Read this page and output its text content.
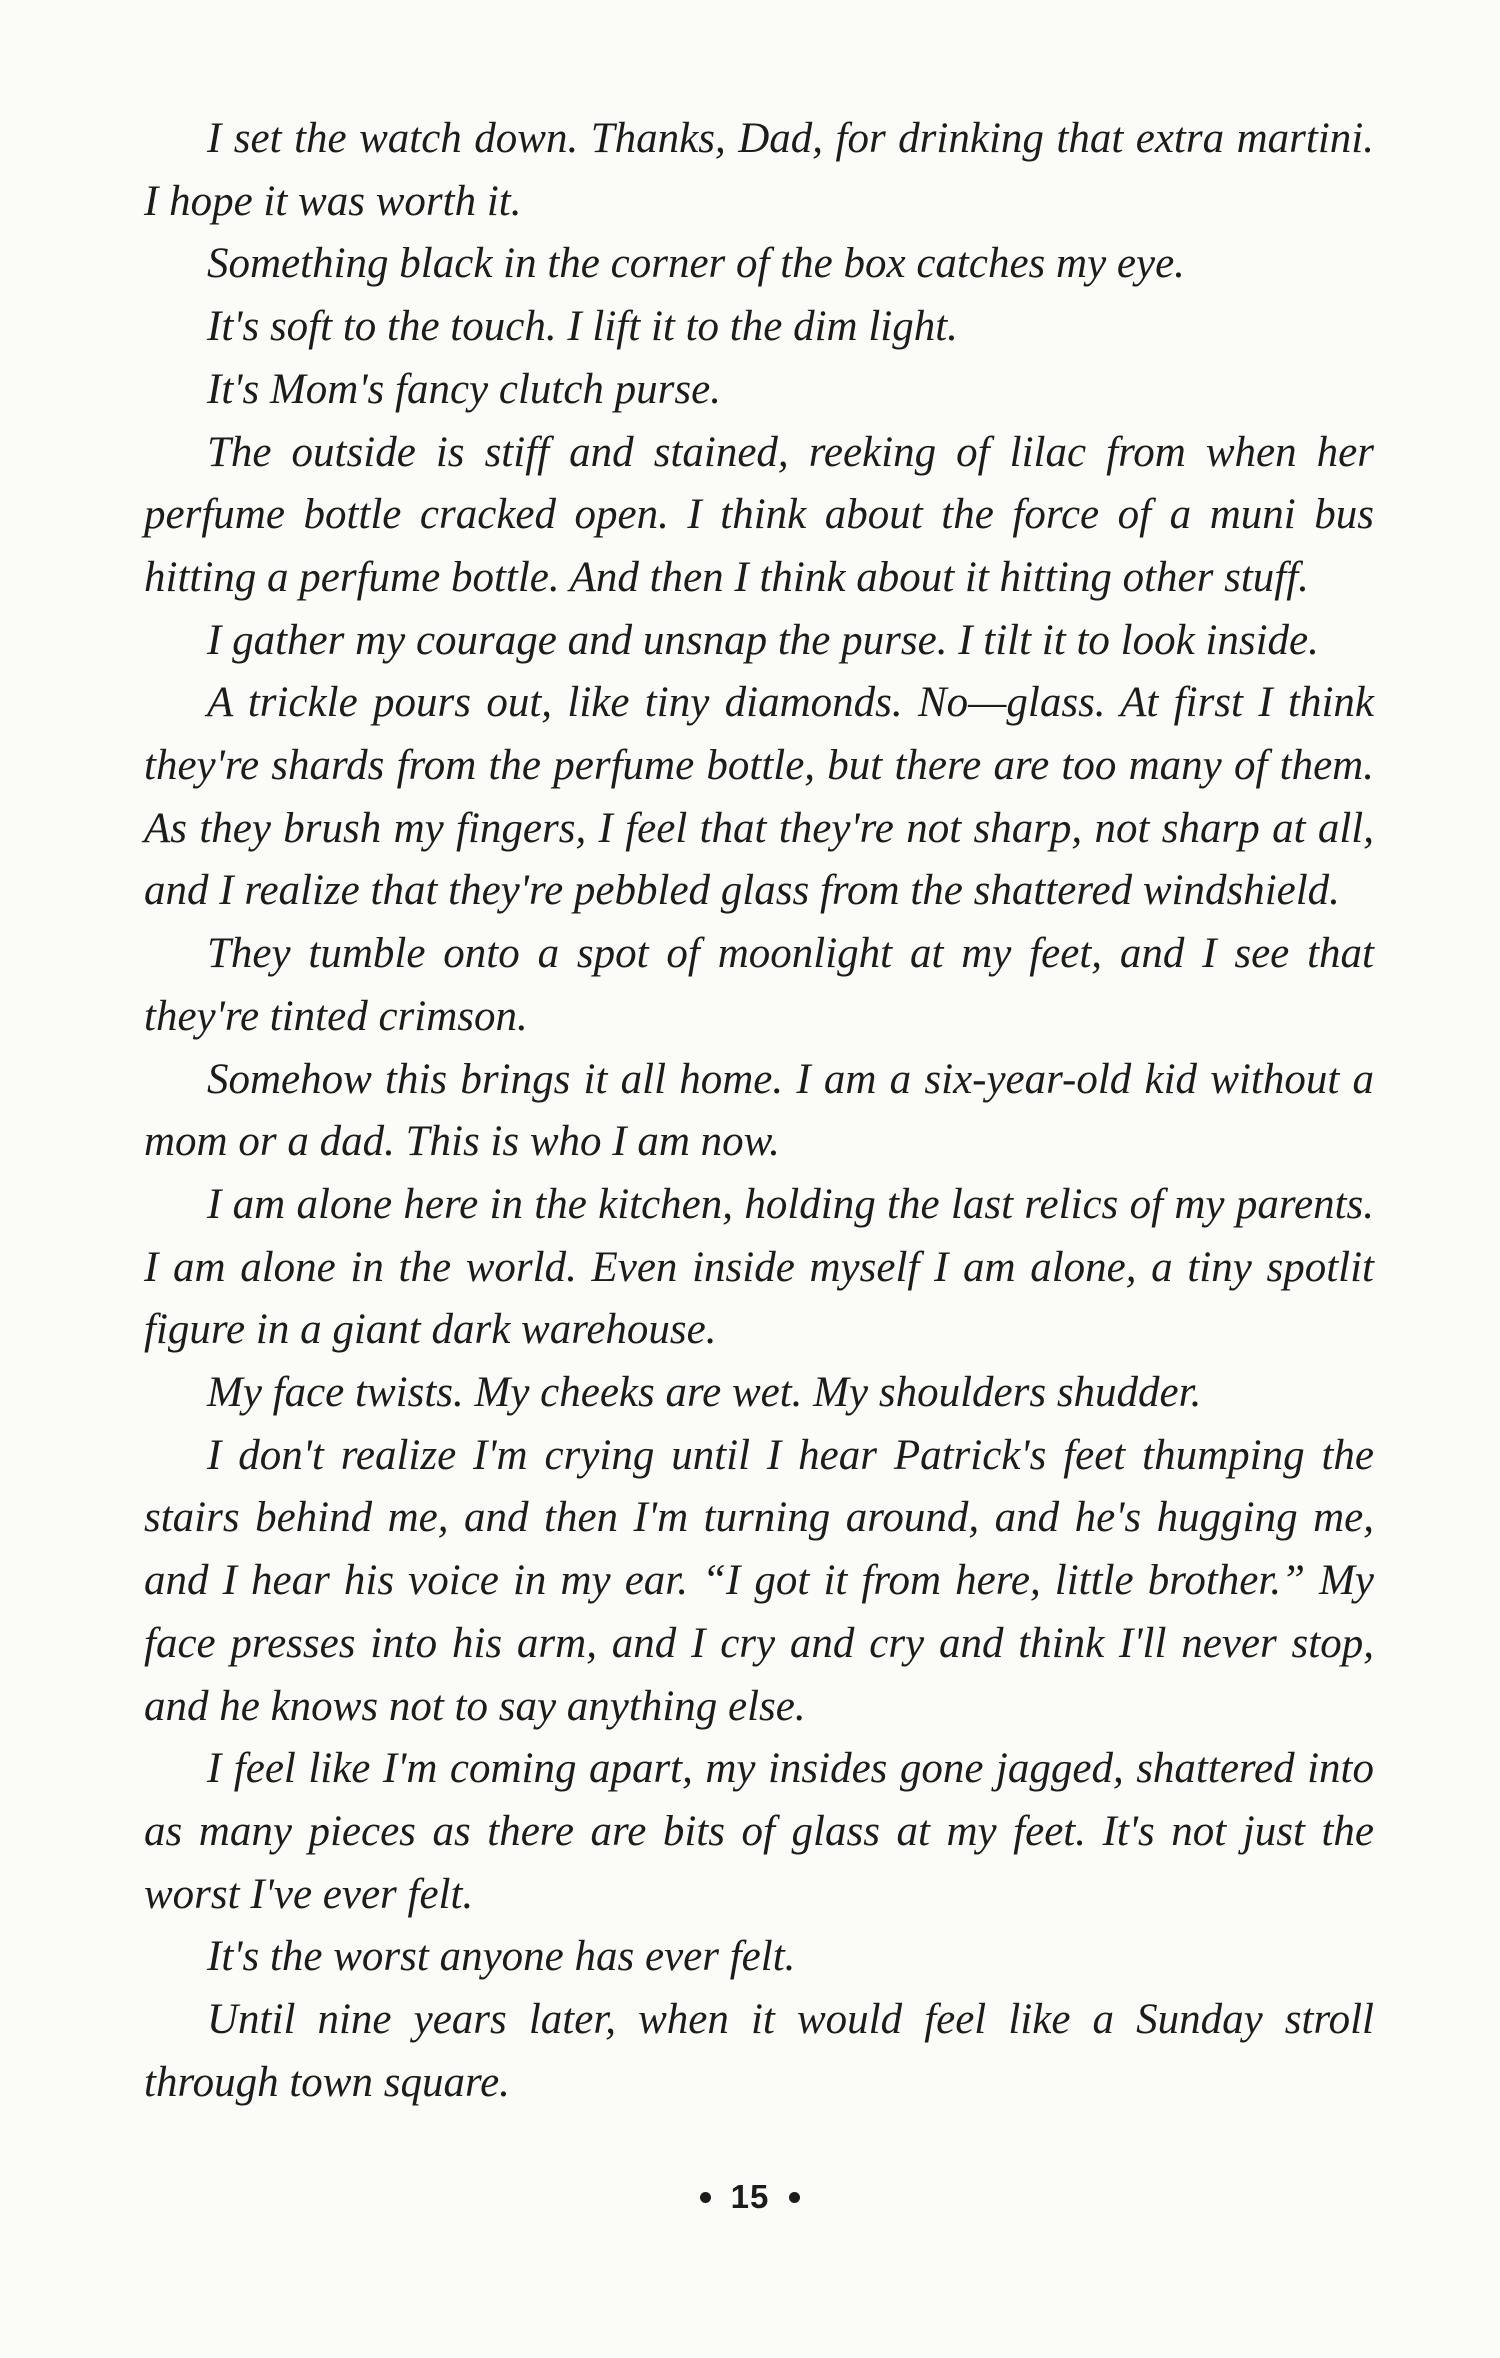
I set the watch down. Thanks, Dad, for drinking that extra martini. I hope it was worth it.

Something black in the corner of the box catches my eye.

It's soft to the touch. I lift it to the dim light.

It's Mom's fancy clutch purse.

The outside is stiff and stained, reeking of lilac from when her perfume bottle cracked open. I think about the force of a muni bus hitting a perfume bottle. And then I think about it hitting other stuff.

I gather my courage and unsnap the purse. I tilt it to look inside.

A trickle pours out, like tiny diamonds. No—glass. At first I think they're shards from the perfume bottle, but there are too many of them. As they brush my fingers, I feel that they're not sharp, not sharp at all, and I realize that they're pebbled glass from the shattered windshield.

They tumble onto a spot of moonlight at my feet, and I see that they're tinted crimson.

Somehow this brings it all home. I am a six-year-old kid without a mom or a dad. This is who I am now.

I am alone here in the kitchen, holding the last relics of my parents. I am alone in the world. Even inside myself I am alone, a tiny spotlit figure in a giant dark warehouse.

My face twists. My cheeks are wet. My shoulders shudder.

I don't realize I'm crying until I hear Patrick's feet thumping the stairs behind me, and then I'm turning around, and he's hugging me, and I hear his voice in my ear. “I got it from here, little brother.” My face presses into his arm, and I cry and cry and think I'll never stop, and he knows not to say anything else.

I feel like I'm coming apart, my insides gone jagged, shattered into as many pieces as there are bits of glass at my feet. It's not just the worst I've ever felt.

It's the worst anyone has ever felt.

Until nine years later, when it would feel like a Sunday stroll through town square.

15
